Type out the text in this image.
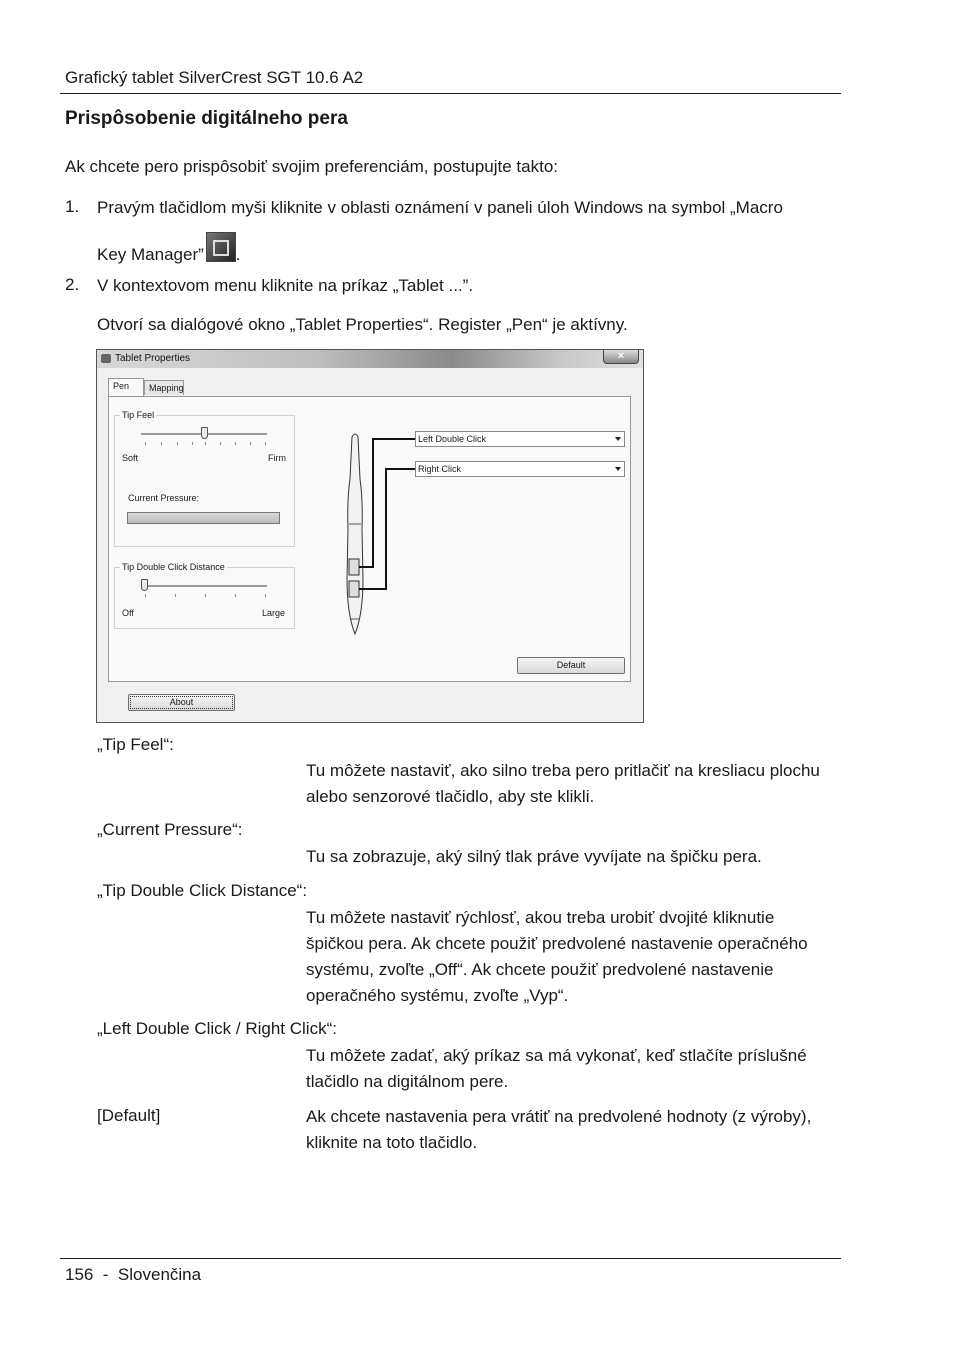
Grafický tablet SilverCrest SGT 10.6 A2
Prispôsobenie digitálneho pera
Ak chcete pero prispôsobiť svojim preferenciám, postupujte takto:
1. Pravým tlačidlom myši kliknite v oblasti oznámení v paneli úloh Windows na symbol „Macro
Key Manager” .
2. V kontextovom menu kliknite na príkaz „Tablet ...”.
Otvorí sa dialógové okno „Tablet Properties“. Register „Pen“ je aktívny.
Tablet Properties	×
Pen	Mapping
Tip Feel
Soft	Firm
Current Pressure:
Tip Double Click Distance
Off	Large
Left Double Click
Right Click
Default
About
„Tip Feel“:
Tu môžete nastaviť, ako silno treba pero pritlačiť na kresliacu plochu
alebo senzorové tlačidlo, aby ste klikli.
„Current Pressure“:
Tu sa zobrazuje, aký silný tlak práve vyvíjate na špičku pera.
„Tip Double Click Distance“:
Tu môžete nastaviť rýchlosť, akou treba urobiť dvojité kliknutie
špičkou pera. Ak chcete použiť predvolené nastavenie operačného
systému, zvoľte „Off“. Ak chcete použiť predvolené nastavenie
operačného systému, zvoľte „Vyp“.
„Left Double Click / Right Click“:
Tu môžete zadať, aký príkaz sa má vykonať, keď stlačíte príslušné
tlačidlo na digitálnom pere.
[Default]	Ak chcete nastavenia pera vrátiť na predvolené hodnoty (z výroby),
kliknite na toto tlačidlo.
156  -  Slovenčina
